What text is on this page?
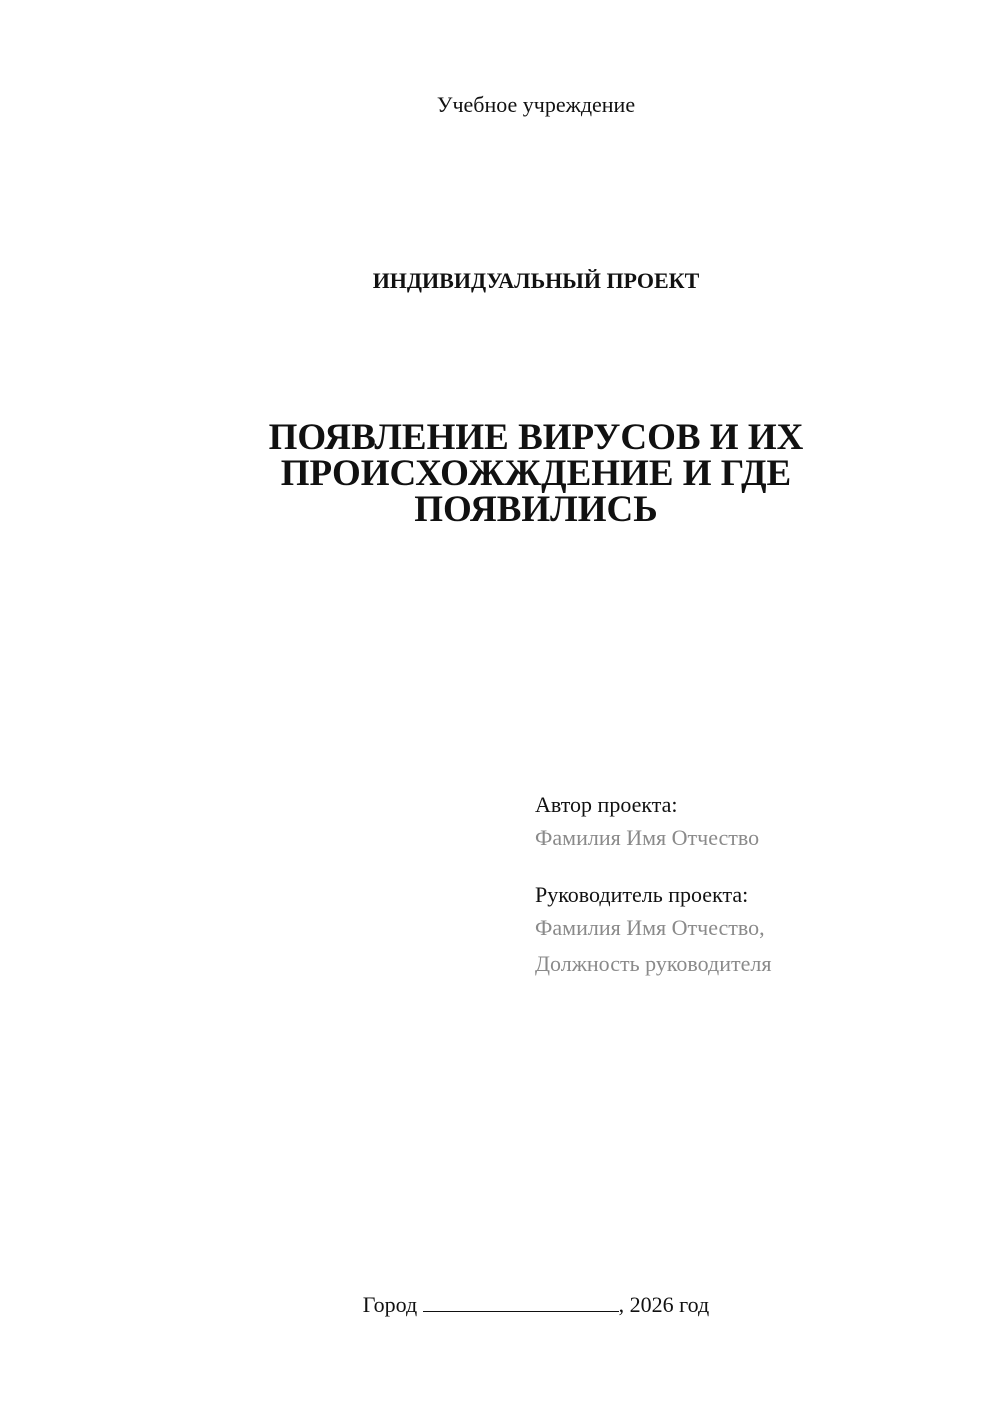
Учебное учреждение
ИНДИВИДУАЛЬНЫЙ ПРОЕКТ
ПОЯВЛЕНИЕ ВИРУСОВ И ИХ
ПРОИСХОЖЖДЕНИЕ И ГДЕ
ПОЯВИЛИСЬ
Автор проекта:
Фамилия Имя Отчество
Руководитель проекта:
Фамилия Имя Отчество,
Должность руководителя
Город	, 2026 год
